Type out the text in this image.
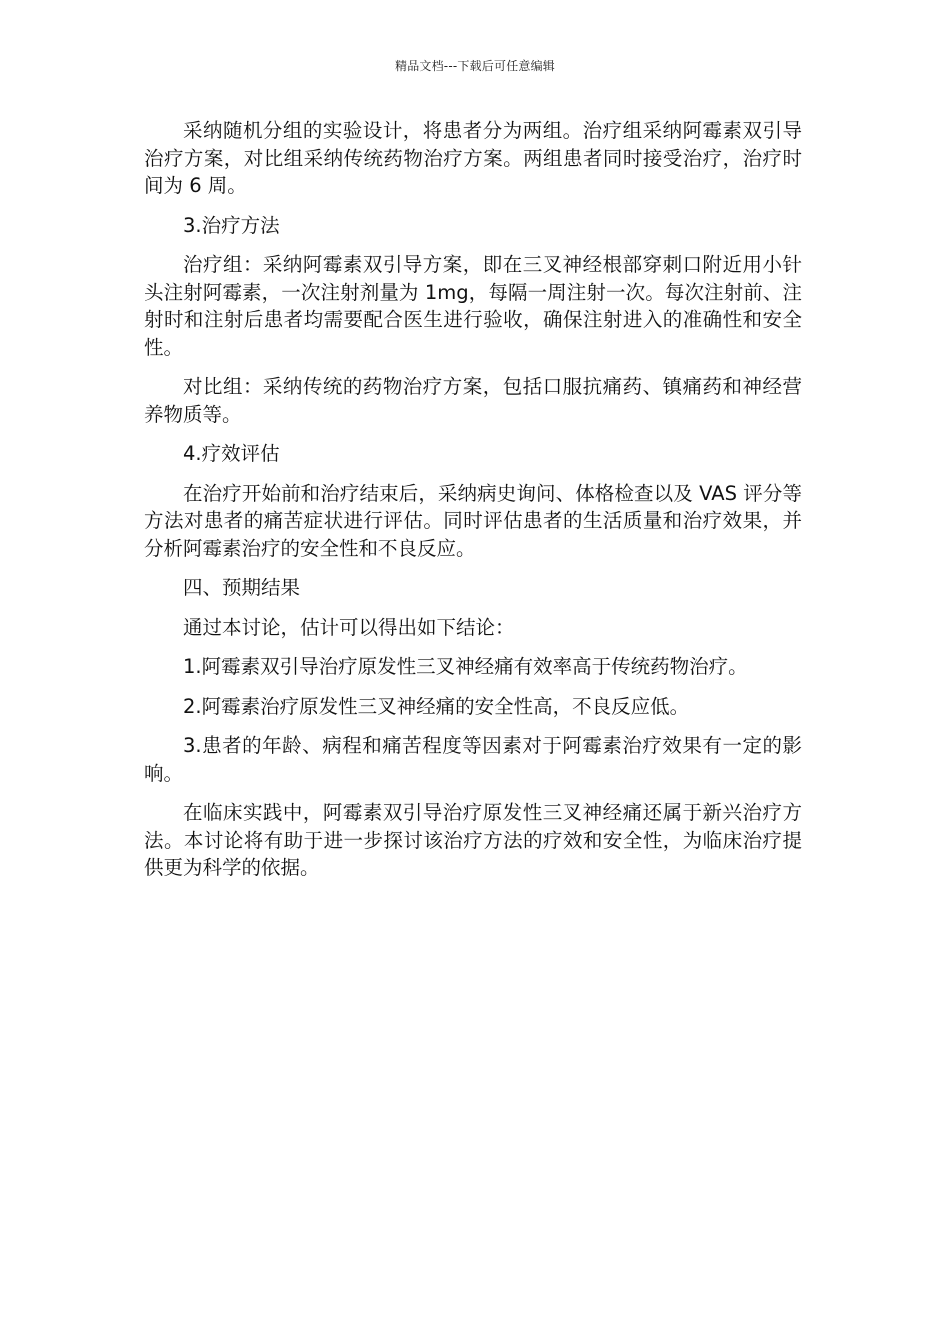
精品文档---下载后可任意编辑

采纳随机分组的实验设计，将患者分为两组。治疗组采纳阿霉素双引导治疗方案，对比组采纳传统药物治疗方案。两组患者同时接受治疗，治疗时间为 6 周。

3.治疗方法

治疗组：采纳阿霉素双引导方案，即在三叉神经根部穿刺口附近用小针头注射阿霉素，一次注射剂量为 1mg，每隔一周注射一次。每次注射前、注射时和注射后患者均需要配合医生进行验收，确保注射进入的准确性和安全性。

对比组：采纳传统的药物治疗方案，包括口服抗痛药、镇痛药和神经营养物质等。

4.疗效评估

在治疗开始前和治疗结束后，采纳病史询问、体格检查以及 VAS 评分等方法对患者的痛苦症状进行评估。同时评估患者的生活质量和治疗效果，并分析阿霉素治疗的安全性和不良反应。

四、预期结果

通过本讨论，估计可以得出如下结论：

1.阿霉素双引导治疗原发性三叉神经痛有效率高于传统药物治疗。

2.阿霉素治疗原发性三叉神经痛的安全性高，不良反应低。

3.患者的年龄、病程和痛苦程度等因素对于阿霉素治疗效果有一定的影响。

在临床实践中，阿霉素双引导治疗原发性三叉神经痛还属于新兴治疗方法。本讨论将有助于进一步探讨该治疗方法的疗效和安全性，为临床治疗提供更为科学的依据。
